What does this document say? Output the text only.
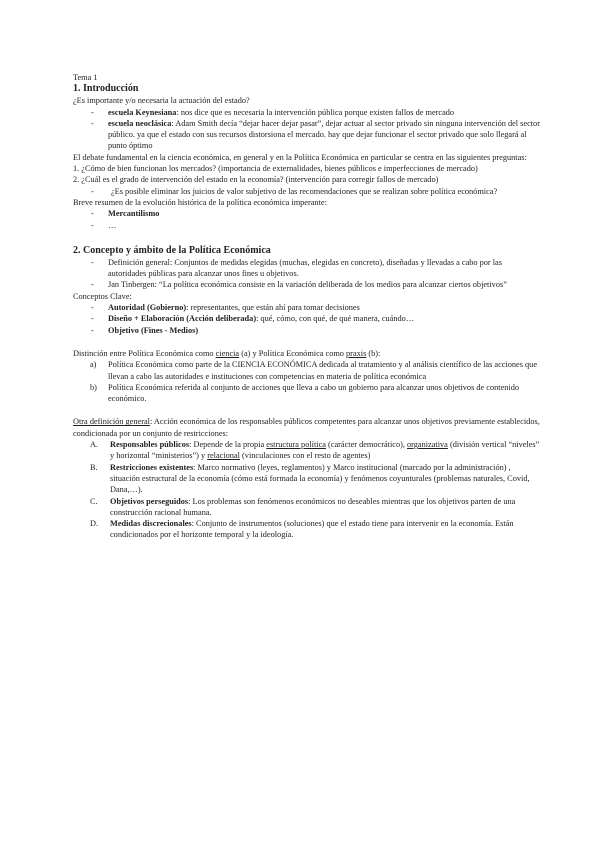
Tema 1

1. Introducción

¿Es importante y/o necesaria la actuación del estado?

- escuela Keynesiana: nos dice que es necesaria la intervención pública porque existen fallos de mercado
- escuela neoclásica: Adam Smith decía “dejar hacer dejar pasar”, dejar actuar al sector privado sin ninguna intervención del sector público. ya que el estado con sus recursos distorsiona el mercado. hay que dejar funcionar el sector privado que solo llegará al punto óptimo

El debate fundamental en la ciencia económica, en general y en la Política Económica en particular se centra en las siguientes preguntas:

1. ¿Cómo de bien funcionan los mercados? (importancia de externalidades, bienes públicos e imperfecciones de mercado)

2. ¿Cuál es el grado de intervención del estado en la economía? (intervención para corregir fallos de mercado)

- ¿Es posible eliminar los juicios de valor subjetivo de las recomendaciones que se realizan sobre política económica?

Breve resumen de la evolución histórica de la política económica imperante:

- Mercantilismo
- …

2. Concepto y ámbito de la Política Económica

- Definición general: Conjuntos de medidas elegidas (muchas, elegidas en concreto), diseñadas y llevadas a cabo por las autoridades públicas para alcanzar unos fines u objetivos.
- Jan Tinbergen: “La política económica consiste en la variación deliberada de los medios para alcanzar ciertos objetivos”

Conceptos Clave:

- Autoridad (Gobierno): representantes, que están ahí para tomar decisiones
- Diseño + Elaboración (Acción deliberada): qué, cómo, con qué, de qué manera, cuándo…
- Objetivo (Fines - Medios)

Distinción entre Política Económica como ciencia (a) y Política Económica como praxis (b):

a) Política Económica como parte de la CIENCIA ECONÓMICA dedicada al tratamiento y al análisis científico de las acciones que llevan a cabo las autoridades e instituciones con competencias en materia de política económica
b) Política Económica referida al conjunto de acciones que lleva a cabo un gobierno para alcanzar unos objetivos de contenido económico.

Otra definición general: Acción económica de los responsables públicos competentes para alcanzar unos objetivos previamente establecidos, condicionada por un conjunto de restricciones:

A. Responsables públicos: Depende de la propia estructura política (carácter democrático), organizativa (división vertical “niveles” y horizontal “ministerios”) y relacional (vinculaciones con el resto de agentes)
B. Restricciones existentes: Marco normativo (leyes, reglamentos) y Marco institucional (marcado por la administración) , situación estructural de la economía (cómo está formada la economía) y fenómenos coyunturales (problemas naturales, Covid, Dana,…).
C. Objetivos perseguidos: Los problemas son fenómenos económicos no deseables mientras que los objetivos parten de una construcción racional humana.
D. Medidas discrecionales: Conjunto de instrumentos (soluciones) que el estado tiene para intervenir en la economía. Están condicionados por el horizonte temporal y la ideología.
